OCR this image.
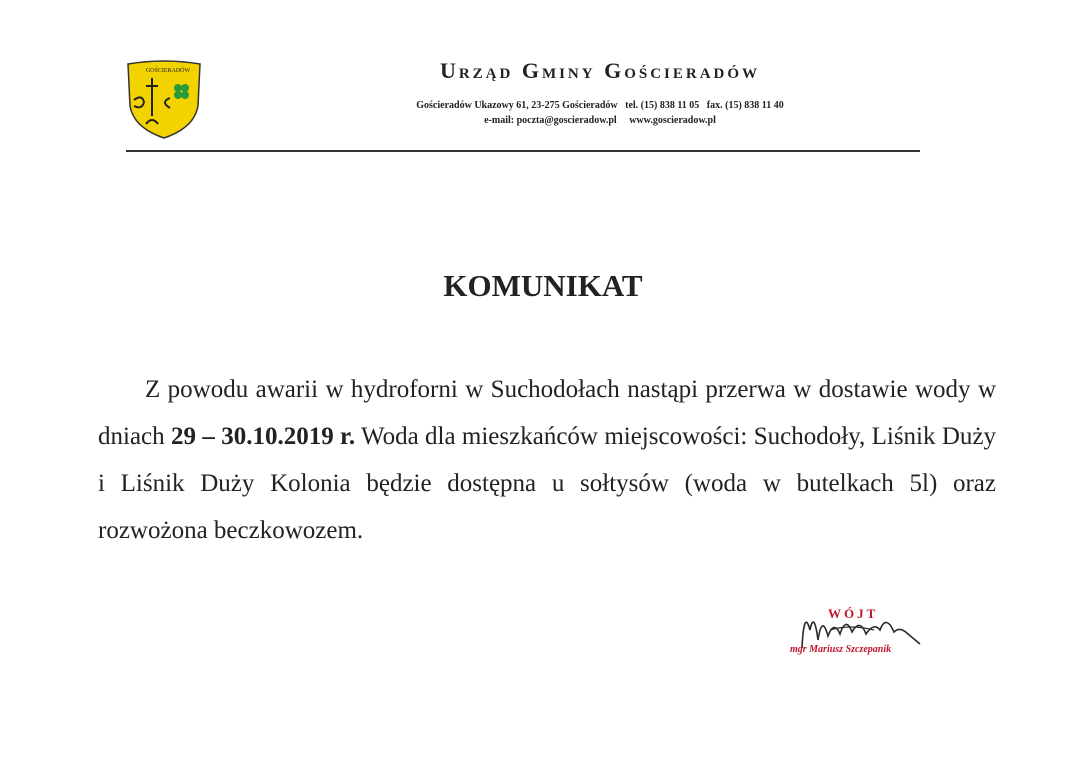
GOŚCIERADÓW	Urząd Gminy Gościeradów
Gościeradów Ukazowy 61, 23-275 Gościeradów   tel. (15) 838 11 05   fax. (15) 838 11 40
e-mail: poczta@goscieradow.pl     www.goscieradow.pl
KOMUNIKAT
Z powodu awarii w hydroforni w Suchodołach nastąpi przerwa w dostawie wody w dniach 29 – 30.10.2019 r. Woda dla mieszkańców miejscowości: Suchodoły, Liśnik Duży i Liśnik Duży Kolonia będzie dostępna u sołtysów (woda w butelkach 5l) oraz rozwożona beczkowozem.
WÓJT
mgr Mariusz Szczepanik
